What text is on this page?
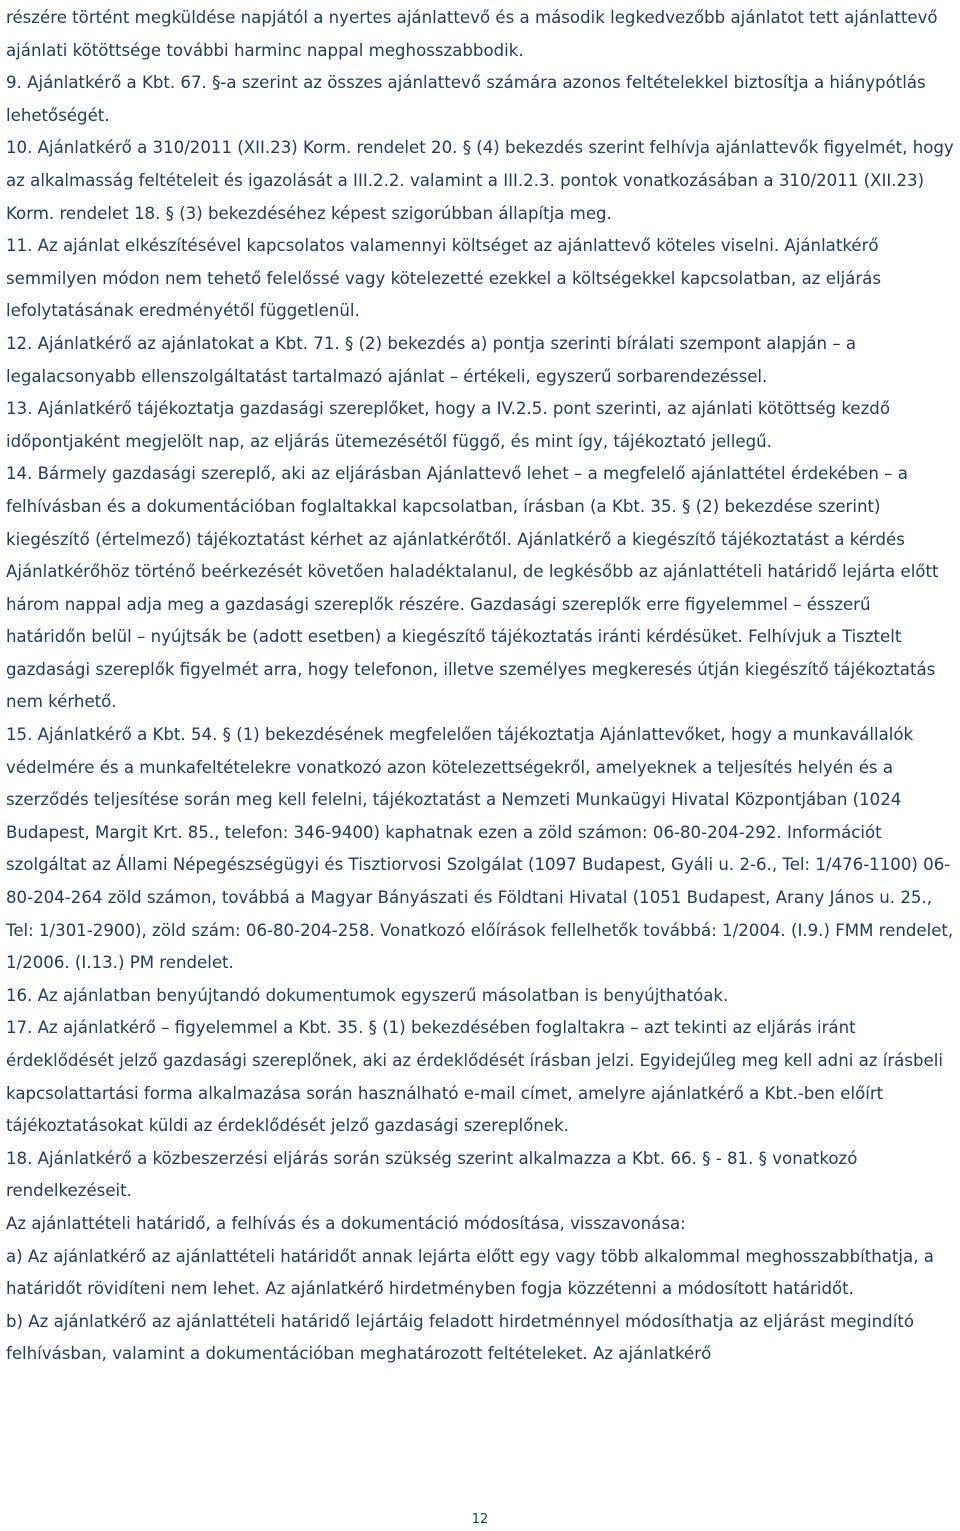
részére történt megküldése napjától a nyertes ajánlattevő és a második legkedvezőbb ajánlatot tett ajánlattevő ajánlati kötöttsége további harminc nappal meghosszabbodik.

9. Ajánlatkérő a Kbt. 67. §-a szerint az összes ajánlattevő számára azonos feltételekkel biztosítja a hiánypótlás lehetőségét.

10. Ajánlatkérő a 310/2011 (XII.23) Korm. rendelet 20. § (4) bekezdés szerint felhívja ajánlattevők figyelmét, hogy az alkalmasság feltételeit és igazolását a III.2.2. valamint a III.2.3. pontok vonatkozásában a 310/2011 (XII.23) Korm. rendelet 18. § (3) bekezdéséhez képest szigorúbban állapítja meg.

11. Az ajánlat elkészítésével kapcsolatos valamennyi költséget az ajánlattevő köteles viselni. Ajánlatkérő semmilyen módon nem tehető felelőssé vagy kötelezetté ezekkel a költségekkel kapcsolatban, az eljárás lefolytatásának eredményétől függetlenül.

12. Ajánlatkérő az ajánlatokat a Kbt. 71. § (2) bekezdés a) pontja szerinti bírálati szempont alapján – a legalacsonyabb ellenszolgáltatást tartalmazó ajánlat – értékeli, egyszerű sorbarendezéssel.

13. Ajánlatkérő tájékoztatja gazdasági szereplőket, hogy a IV.2.5. pont szerinti, az ajánlati kötöttség kezdő időpontjaként megjelölt nap, az eljárás ütemezésétől függő, és mint így, tájékoztató jellegű.

14. Bármely gazdasági szereplő, aki az eljárásban Ajánlattevő lehet – a megfelelő ajánlattétel érdekében – a felhívásban és a dokumentációban foglaltakkal kapcsolatban, írásban (a Kbt. 35. § (2) bekezdése szerint) kiegészítő (értelmező) tájékoztatást kérhet az ajánlatkérőtől. Ajánlatkérő a kiegészítő tájékoztatást a kérdés Ajánlatkérőhöz történő beérkezését követően haladéktalanul, de legkésőbb az ajánlattételi határidő lejárta előtt három nappal adja meg a gazdasági szereplők részére. Gazdasági szereplők erre figyelemmel – ésszerű határidőn belül – nyújtsák be (adott esetben) a kiegészítő tájékoztatás iránti kérdésüket. Felhívjuk a Tisztelt gazdasági szereplők figyelmét arra, hogy telefonon, illetve személyes megkeresés útján kiegészítő tájékoztatás nem kérhető.

15. Ajánlatkérő a Kbt. 54. § (1) bekezdésének megfelelően tájékoztatja Ajánlattevőket, hogy a munkavállalók védelmére és a munkafeltételekre vonatkozó azon kötelezettségekről, amelyeknek a teljesítés helyén és a szerződés teljesítése során meg kell felelni, tájékoztatást a Nemzeti Munkaügyi Hivatal Központjában (1024 Budapest, Margit Krt. 85., telefon: 346-9400) kaphatnak ezen a zöld számon: 06-80-204-292. Információt szolgáltat az Állami Népegészségügyi és Tisztiorvosi Szolgálat (1097 Budapest, Gyáli u. 2-6., Tel: 1/476-1100) 06-80-204-264 zöld számon, továbbá a Magyar Bányászati és Földtani Hivatal (1051 Budapest, Arany János u. 25., Tel: 1/301-2900), zöld szám: 06-80-204-258. Vonatkozó előírások fellelhetők továbbá: 1/2004. (I.9.) FMM rendelet, 1/2006. (I.13.) PM rendelet.

16. Az ajánlatban benyújtandó dokumentumok egyszerű másolatban is benyújthatóak.

17. Az ajánlatkérő – figyelemmel a Kbt. 35. § (1) bekezdésében foglaltakra – azt tekinti az eljárás iránt érdeklődését jelző gazdasági szereplőnek, aki az érdeklődését írásban jelzi. Egyidejűleg meg kell adni az írásbeli kapcsolattartási forma alkalmazása során használható e-mail címet, amelyre ajánlatkérő a Kbt.-ben előírt tájékoztatásokat küldi az érdeklődését jelző gazdasági szereplőnek.

18. Ajánlatkérő a közbeszerzési eljárás során szükség szerint alkalmazza a Kbt. 66. § - 81. § vonatkozó rendelkezéseit.

Az ajánlattételi határidő, a felhívás és a dokumentáció módosítása, visszavonása:

a) Az ajánlatkérő az ajánlattételi határidőt annak lejárta előtt egy vagy több alkalommal meghosszabbíthatja, a határidőt rövidíteni nem lehet. Az ajánlatkérő hirdetményben fogja közzétenni a módosított határidőt.

b) Az ajánlatkérő az ajánlattételi határidő lejártáig feladott hirdetménnyel módosíthatja az eljárást megindító felhívásban, valamint a dokumentációban meghatározott feltételeket. Az ajánlatkérő

12
